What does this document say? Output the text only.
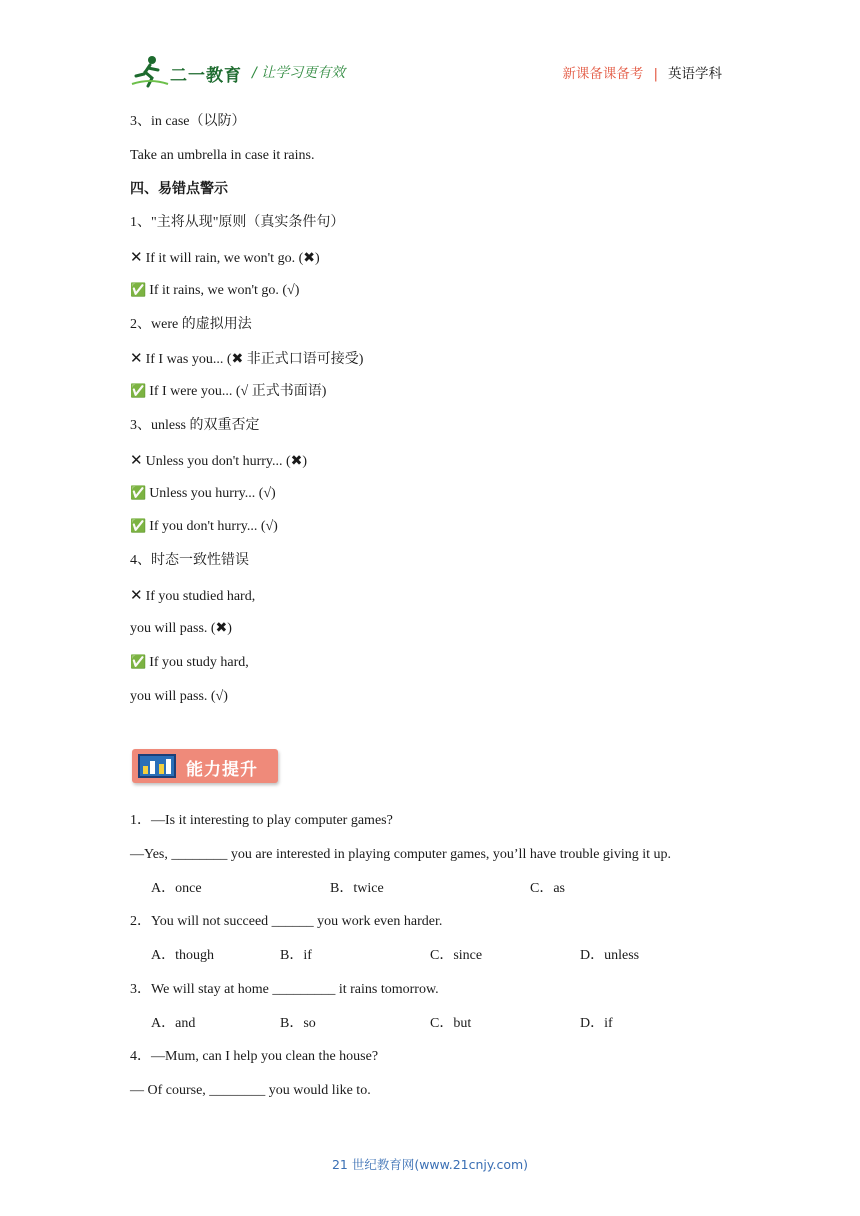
二一教育 / 让学习更有效	新课备课备考 | 英语学科
3、in case（以防）
Take an umbrella in case it rains.
四、易错点警示
1、"主将从现"原则（真实条件句）
✕ If it will rain, we won't go. (✖)
✅ If it rains, we won't go. (√)
2、were 的虚拟用法
✕ If I was you... (✖ 非正式口语可接受)
✅ If I were you... (√ 正式书面语)
3、unless 的双重否定
✕ Unless you don't hurry... (✖)
✅ Unless you hurry... (√)
✅ If you don't hurry... (√)
4、时态一致性错误
✕ If you studied hard,
you will pass. (✖)
✅ If you study hard,
you will pass. (√)
能力提升
1．—Is it interesting to play computer games?
—Yes, ________ you are interested in playing computer games, you’ll have trouble giving it up.
A．once	B．twice	C．as
2．You will not succeed ______ you work even harder.
A．though	B．if	C．since	D．unless
3．We will stay at home _________ it rains tomorrow.
A．and	B．so	C．but	D．if
4．—Mum, can I help you clean the house?
— Of course, ________ you would like to.
21 世纪教育网(www.21cnjy.com)
